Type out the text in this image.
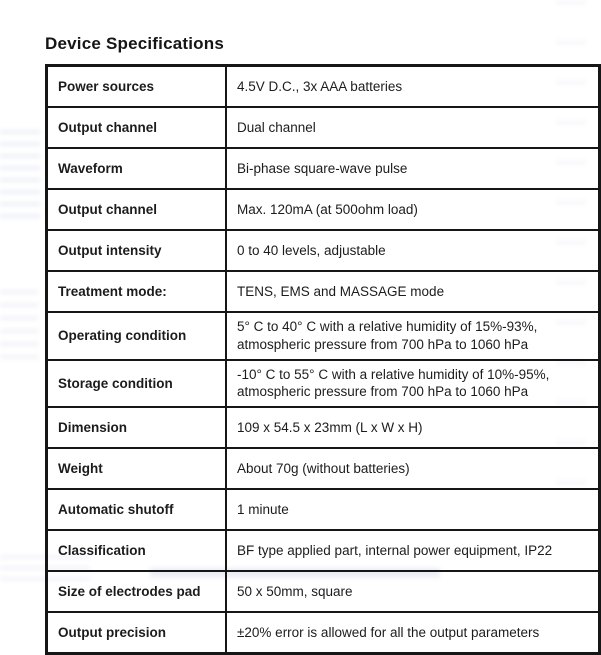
Device Specifications
Power sources	4.5V D.C., 3x AAA batteries
Output channel	Dual channel
Waveform	Bi-phase square-wave pulse
Output channel	Max. 120mA (at 500ohm load)
Output intensity	0 to 40 levels, adjustable
Treatment mode:	TENS, EMS and MASSAGE mode
Operating condition	5° C to 40° C with a relative humidity of 15%-93%, atmospheric pressure from 700 hPa to 1060 hPa
Storage condition	-10° C to 55° C with a relative humidity of 10%-95%, atmospheric pressure from 700 hPa to 1060 hPa
Dimension	109 x 54.5 x 23mm (L x W x H)
Weight	About 70g (without batteries)
Automatic shutoff	1 minute
Classification	BF type applied part, internal power equipment, IP22
Size of electrodes pad	50 x 50mm, square
Output precision	±20% error is allowed for all the output parameters
